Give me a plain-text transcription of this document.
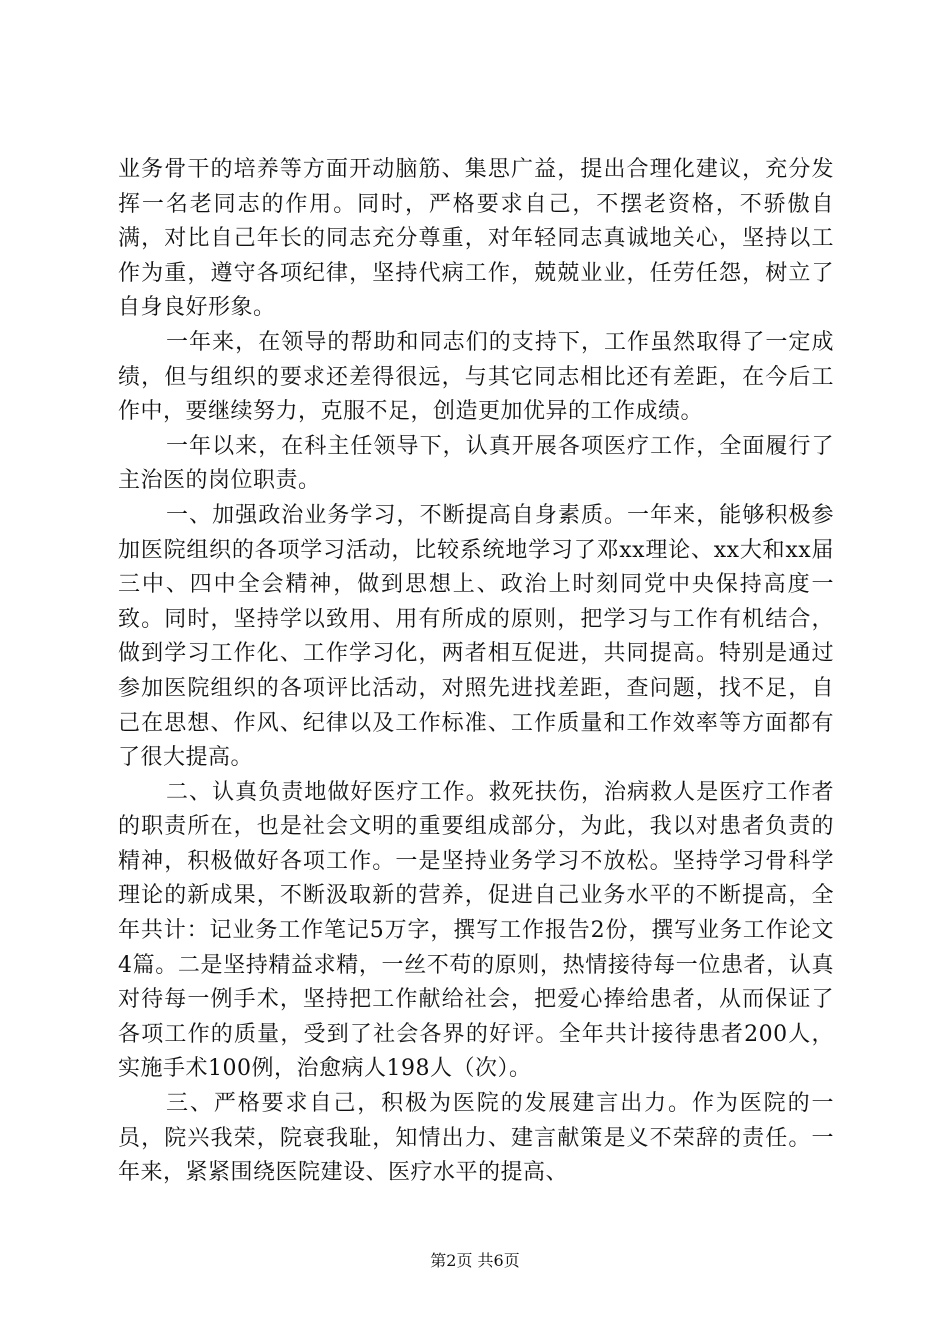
业务骨干的培养等方面开动脑筋、集思广益，提出合理化建议，充分发挥一名老同志的作用。同时，严格要求自己，不摆老资格，不骄傲自满，对比自己年长的同志充分尊重，对年轻同志真诚地关心，坚持以工作为重，遵守各项纪律，坚持代病工作，兢兢业业，任劳任怨，树立了自身良好形象。

一年来，在领导的帮助和同志们的支持下，工作虽然取得了一定成绩，但与组织的要求还差得很远，与其它同志相比还有差距，在今后工作中，要继续努力，克服不足，创造更加优异的工作成绩。

一年以来，在科主任领导下，认真开展各项医疗工作，全面履行了主治医的岗位职责。

一、加强政治业务学习，不断提高自身素质。一年来，能够积极参加医院组织的各项学习活动，比较系统地学习了邓xx理论、xx大和xx届三中、四中全会精神，做到思想上、政治上时刻同党中央保持高度一致。同时，坚持学以致用、用有所成的原则，把学习与工作有机结合，做到学习工作化、工作学习化，两者相互促进，共同提高。特别是通过参加医院组织的各项评比活动，对照先进找差距，查问题，找不足，自己在思想、作风、纪律以及工作标准、工作质量和工作效率等方面都有了很大提高。

二、认真负责地做好医疗工作。救死扶伤，治病救人是医疗工作者的职责所在，也是社会文明的重要组成部分，为此，我以对患者负责的精神，积极做好各项工作。一是坚持业务学习不放松。坚持学习骨科学理论的新成果，不断汲取新的营养，促进自己业务水平的不断提高，全年共计：记业务工作笔记5万字，撰写工作报告2份，撰写业务工作论文4篇。二是坚持精益求精，一丝不苟的原则，热情接待每一位患者，认真对待每一例手术，坚持把工作献给社会，把爱心捧给患者，从而保证了各项工作的质量，受到了社会各界的好评。全年共计接待患者200人，实施手术100例，治愈病人198人（次）。

三、严格要求自己，积极为医院的发展建言出力。作为医院的一员，院兴我荣，院衰我耻，知情出力、建言献策是义不荣辞的责任。一年来，紧紧围绕医院建设、医疗水平的提高、

第2页 共6页
